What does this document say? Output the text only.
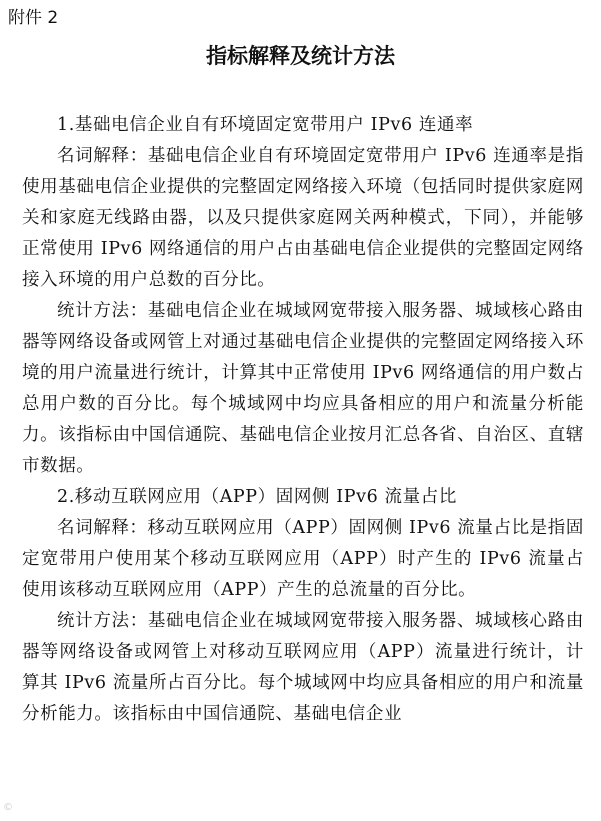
附件 2

指标解释及统计方法

1.基础电信企业自有环境固定宽带用户 IPv6 连通率

名词解释：基础电信企业自有环境固定宽带用户 IPv6 连通率是指使用基础电信企业提供的完整固定网络接入环境（包括同时提供家庭网关和家庭无线路由器，以及只提供家庭网关两种模式，下同），并能够正常使用 IPv6 网络通信的用户占由基础电信企业提供的完整固定网络接入环境的用户总数的百分比。

统计方法：基础电信企业在城域网宽带接入服务器、城域核心路由器等网络设备或网管上对通过基础电信企业提供的完整固定网络接入环境的用户流量进行统计，计算其中正常使用 IPv6 网络通信的用户数占总用户数的百分比。每个城域网中均应具备相应的用户和流量分析能力。该指标由中国信通院、基础电信企业按月汇总各省、自治区、直辖市数据。

2.移动互联网应用（APP）固网侧 IPv6 流量占比

名词解释：移动互联网应用（APP）固网侧 IPv6 流量占比是指固定宽带用户使用某个移动互联网应用（APP）时产生的 IPv6 流量占使用该移动互联网应用（APP）产生的总流量的百分比。

统计方法：基础电信企业在城域网宽带接入服务器、城域核心路由器等网络设备或网管上对移动互联网应用（APP）流量进行统计，计算其 IPv6 流量所占百分比。每个城域网中均应具备相应的用户和流量分析能力。该指标由中国信通院、基础电信企业

©
